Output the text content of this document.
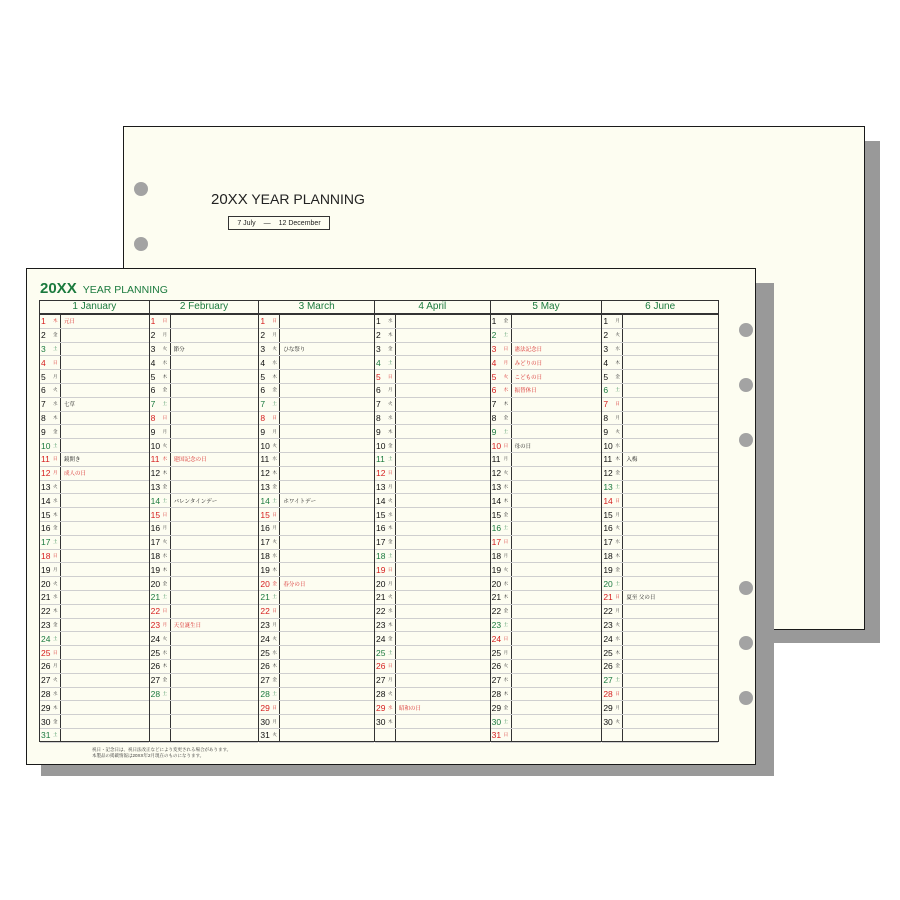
20XX YEAR PLANNING
7 July — 12 December
20XX YEAR PLANNING
1 January
1	木	元日
2	金
3	土
4	日
5	月
6	火
7	水	七草
8	木
9	金
10 土
11 日	鏡開き
12 月	成人の日
13 火
14 水
15 木
16 金
17 土
18 日
19 月
20 火
21 水
22 木
23 金
24 土
25 日
26 月
27 火
28 水
29 木
30 金
31 土
2 February
1	日
2	月
3	火	節分
4	水
5	木
6	金
7	土
8	日
9	月
10 火
11 水	建国記念の日
12 木
13 金
14 土	バレンタインデー
15 日
16 月
17 火
18 水
19 木
20 金
21 土
22 日
23 月	天皇誕生日
24 火
25 水
26 木
27 金
28 土
3 March
1	日
2	月
3	火	ひな祭り
4	水
5	木
6	金
7	土
8	日
9	月
10 火
11 水
12 木
13 金
14 土	ホワイトデー
15 日
16 月
17 火
18 水
19 木
20 金	春分の日
21 土
22 日
23 月
24 火
25 水
26 木
27 金
28 土
29 日
30 月
31 火
4 April
1	水
2	木
3	金
4	土
5	日
6	月
7	火
8	水
9	木
10 金
11 土
12 日
13 月
14 火
15 水
16 木
17 金
18 土
19 日
20 月
21 火
22 水
23 木
24 金
25 土
26 日
27 月
28 火
29 水	昭和の日
30 木
5 May
1	金
2	土
3	日	憲法記念日
4	月	みどりの日
5	火	こどもの日
6	水	振替休日
7	木
8	金
9	土
10 日	母の日
11 月
12 火
13 水
14 木
15 金
16 土
17 日
18 月
19 火
20 水
21 木
22 金
23 土
24 日
25 月
26 火
27 水
28 木
29 金
30 土
31 日
6 June
1	月
2	火
3	水
4	木
5	金
6	土
7	日
8	月
9	火
10 水
11 木	入梅
12 金
13 土
14 日
15 月
16 火
17 水
18 木
19 金
20 土
21 日	夏至 父の日
22 月
23 火
24 水
25 木
26 金
27 土
28 日
29 月
30 火
祝日・記念日は、祝日法改正などにより変更される場合があります。
本製品の掲載情報は20XX年2月現在のものになります。
